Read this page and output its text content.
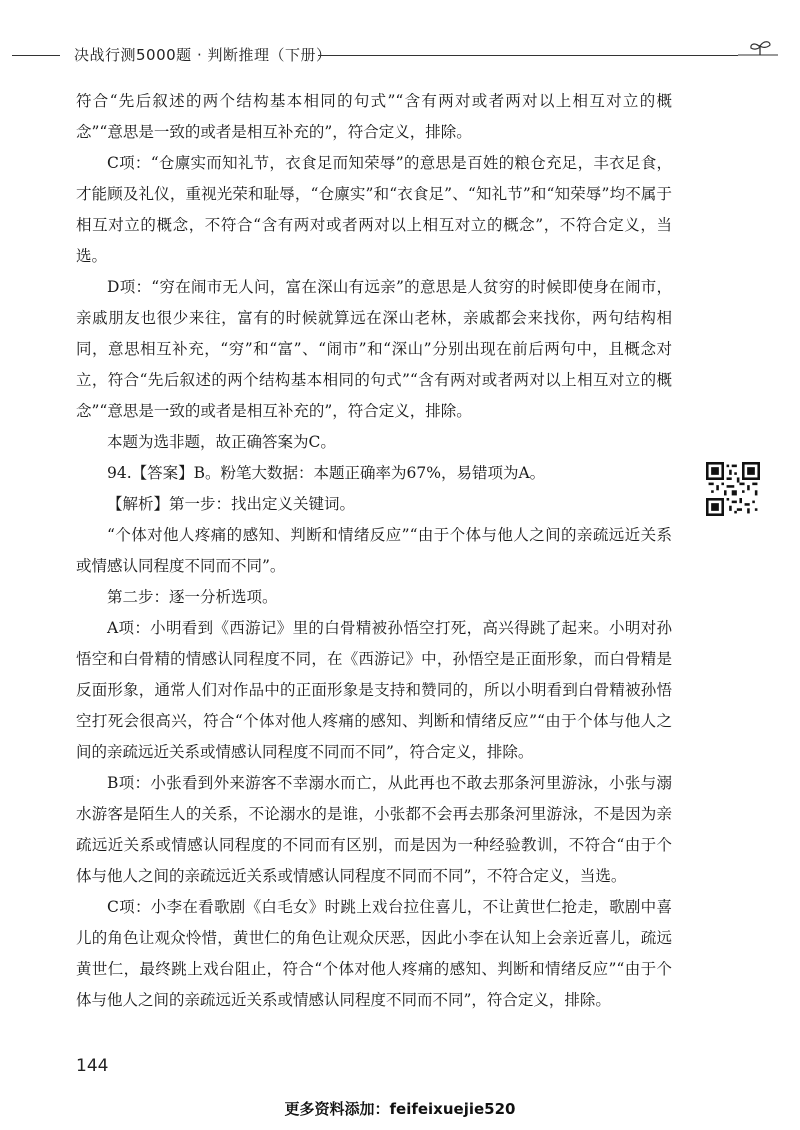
决战行测5000题 · 判断推理（下册）

符合“先后叙述的两个结构基本相同的句式”“含有两对或者两对以上相互对立的概念”“意思是一致的或者是相互补充的”，符合定义，排除。

C项：“仓廪实而知礼节，衣食足而知荣辱”的意思是百姓的粮仓充足，丰衣足食，才能顾及礼仪，重视光荣和耻辱，“仓廪实”和“衣食足”、“知礼节”和“知荣辱”均不属于相互对立的概念，不符合“含有两对或者两对以上相互对立的概念”，不符合定义，当选。

D项：“穷在闹市无人问，富在深山有远亲”的意思是人贫穷的时候即使身在闹市，亲戚朋友也很少来往，富有的时候就算远在深山老林，亲戚都会来找你，两句结构相同，意思相互补充，“穷”和“富”、“闹市”和“深山”分别出现在前后两句中，且概念对立，符合“先后叙述的两个结构基本相同的句式”“含有两对或者两对以上相互对立的概念”“意思是一致的或者是相互补充的”，符合定义，排除。

本题为选非题，故正确答案为C。

94.【答案】B。粉笔大数据：本题正确率为67%，易错项为A。

【解析】第一步：找出定义关键词。

“个体对他人疼痛的感知、判断和情绪反应”“由于个体与他人之间的亲疏远近关系或情感认同程度不同而不同”。

第二步：逐一分析选项。

A项：小明看到《西游记》里的白骨精被孙悟空打死，高兴得跳了起来。小明对孙悟空和白骨精的情感认同程度不同，在《西游记》中，孙悟空是正面形象，而白骨精是反面形象，通常人们对作品中的正面形象是支持和赞同的，所以小明看到白骨精被孙悟空打死会很高兴，符合“个体对他人疼痛的感知、判断和情绪反应”“由于个体与他人之间的亲疏远近关系或情感认同程度不同而不同”，符合定义，排除。

B项：小张看到外来游客不幸溺水而亡，从此再也不敢去那条河里游泳，小张与溺水游客是陌生人的关系，不论溺水的是谁，小张都不会再去那条河里游泳，不是因为亲疏远近关系或情感认同程度的不同而有区别，而是因为一种经验教训，不符合“由于个体与他人之间的亲疏远近关系或情感认同程度不同而不同”，不符合定义，当选。

C项：小李在看歌剧《白毛女》时跳上戏台拉住喜儿，不让黄世仁抢走，歌剧中喜儿的角色让观众怜惜，黄世仁的角色让观众厌恶，因此小李在认知上会亲近喜儿，疏远黄世仁，最终跳上戏台阻止，符合“个体对他人疼痛的感知、判断和情绪反应”“由于个体与他人之间的亲疏远近关系或情感认同程度不同而不同”，符合定义，排除。

144
更多资料添加：feifeixuejie520
